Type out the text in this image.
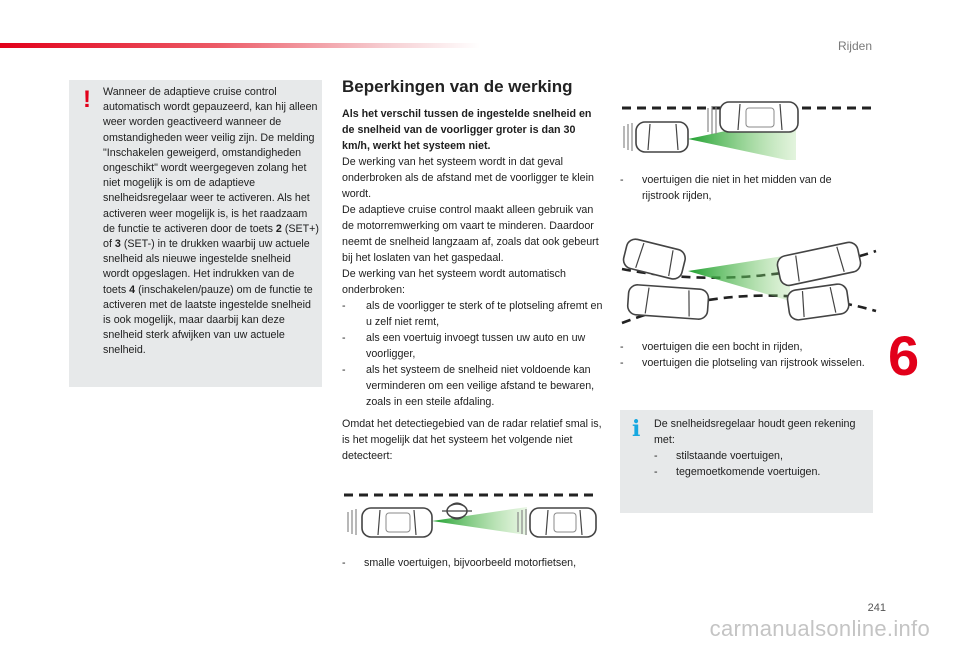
Rijden
6
241
carmanualsonline.info
! Wanneer de adaptieve cruise control automatisch wordt gepauzeerd, kan hij alleen weer worden geactiveerd wanneer de omstandigheden weer veilig zijn. De melding "Inschakelen geweigerd, omstandigheden ongeschikt" wordt weergegeven zolang het niet mogelijk is om de adaptieve snelheidsregelaar weer te activeren. Als het activeren weer mogelijk is, is het raadzaam de functie te activeren door de toets 2 (SET+) of 3 (SET-) in te drukken waarbij uw actuele snelheid als nieuwe ingestelde snelheid wordt opgeslagen. Het indrukken van de toets 4 (inschakelen/pauze) om de functie te activeren met de laatste ingestelde snelheid is ook mogelijk, maar daarbij kan deze snelheid sterk afwijken van uw actuele snelheid.
Beperkingen van de werking
Als het verschil tussen de ingestelde snelheid en de snelheid van de voorligger groter is dan 30 km/h, werkt het systeem niet.
De werking van het systeem wordt in dat geval onderbroken als de afstand met de voorligger te klein wordt.
De adaptieve cruise control maakt alleen gebruik van de motorremwerking om vaart te minderen. Daardoor neemt de snelheid langzaam af, zoals dat ook gebeurt bij het loslaten van het gaspedaal.
De werking van het systeem wordt automatisch onderbroken:
- als de voorligger te sterk of te plotseling afremt en u zelf niet remt,
- als een voertuig invoegt tussen uw auto en uw voorligger,
- als het systeem de snelheid niet voldoende kan verminderen om een veilige afstand te bewaren, zoals in een steile afdaling.
Omdat het detectiegebied van de radar relatief smal is, is het mogelijk dat het systeem het volgende niet detecteert:
- smalle voertuigen, bijvoorbeeld motorfietsen,
- voertuigen die niet in het midden van de rijstrook rijden,
- voertuigen die een bocht in rijden,
- voertuigen die plotseling van rijstrook wisselen.
i De snelheidsregelaar houdt geen rekening met:
- stilstaande voertuigen,
- tegemoetkomende voertuigen.
